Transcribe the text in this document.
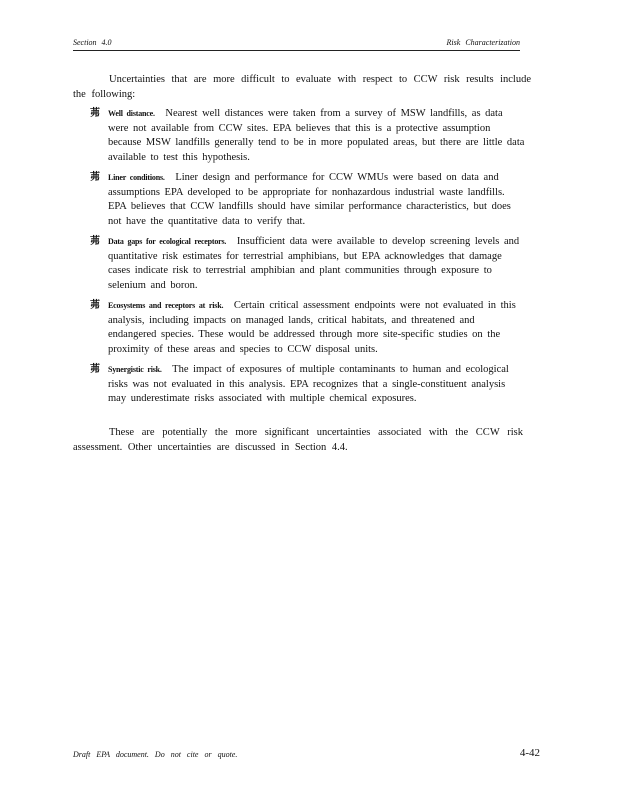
Section 4.0	Risk Characterization

Uncertainties that are more difficult to evaluate with respect to CCW risk results include the following:

茀 Well distance. Nearest well distances were taken from a survey of MSW landfills, as data were not available from CCW sites. EPA believes that this is a protective assumption because MSW landfills generally tend to be in more populated areas, but there are little data available to test this hypothesis.
茀 Liner conditions. Liner design and performance for CCW WMUs were based on data and assumptions EPA developed to be appropriate for nonhazardous industrial waste landfills. EPA believes that CCW landfills should have similar performance characteristics, but does not have the quantitative data to verify that.
茀 Data gaps for ecological receptors. Insufficient data were available to develop screening levels and quantitative risk estimates for terrestrial amphibians, but EPA acknowledges that damage cases indicate risk to terrestrial amphibian and plant communities through exposure to selenium and boron.
茀 Ecosystems and receptors at risk. Certain critical assessment endpoints were not evaluated in this analysis, including impacts on managed lands, critical habitats, and threatened and endangered species. These would be addressed through more site-specific studies on the proximity of these areas and species to CCW disposal units.
茀 Synergistic risk. The impact of exposures of multiple contaminants to human and ecological risks was not evaluated in this analysis. EPA recognizes that a single-constituent analysis may underestimate risks associated with multiple chemical exposures.

These are potentially the more significant uncertainties associated with the CCW risk assessment. Other uncertainties are discussed in Section 4.4.

Draft EPA document. Do not cite or quote.	4-42
